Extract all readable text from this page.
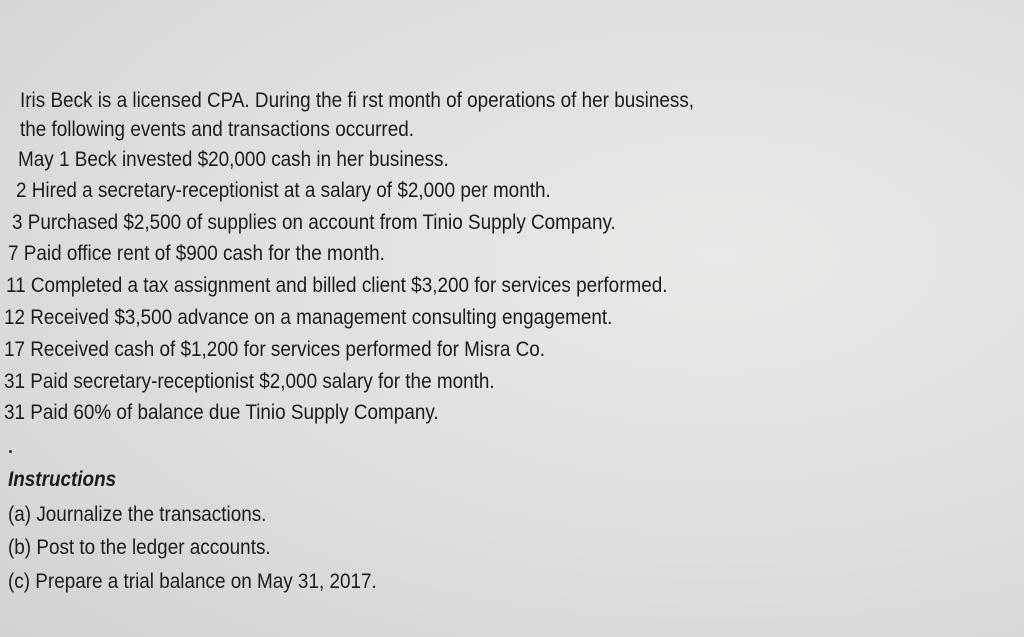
Iris Beck is a licensed CPA. During the fi rst month of operations of her business,
the following events and transactions occurred.
May 1 Beck invested $20,000 cash in her business.
2 Hired a secretary-receptionist at a salary of $2,000 per month.
3 Purchased $2,500 of supplies on account from Tinio Supply Company.
7 Paid office rent of $900 cash for the month.
11 Completed a tax assignment and billed client $3,200 for services performed.
12 Received $3,500 advance on a management consulting engagement.
17 Received cash of $1,200 for services performed for Misra Co.
31 Paid secretary-receptionist $2,000 salary for the month.
31 Paid 60% of balance due Tinio Supply Company.
Instructions
(a) Journalize the transactions.
(b) Post to the ledger accounts.
(c) Prepare a trial balance on May 31, 2017.
